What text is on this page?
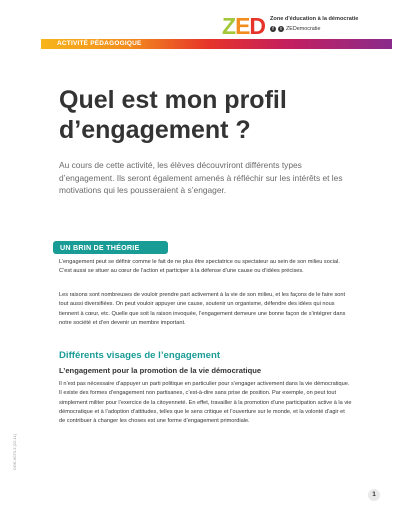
ZED Zone d'éducation à la démocratie
f	t ZEDemocratie
ACTIVITÉ PÉDAGOGIQUE
Quel est mon profil d’engagement ?

Au cours de cette activité, les élèves découvriront différents types d’engagement. Ils seront également amenés à réfléchir sur les intérêts et les motivations qui les pousseraient à s’engager.

UN BRIN DE THÉORIE

L’engagement peut se définir comme le fait de ne plus être spectatrice ou spectateur au sein de son milieu social. C’est aussi se situer au cœur de l’action et participer à la défense d’une cause ou d’idées précises.

Les raisons sont nombreuses de vouloir prendre part activement à la vie de son milieu, et les façons de le faire sont tout aussi diversifiées. On peut vouloir appuyer une cause, soutenir un organisme, défendre des idées qui nous tiennent à cœur, etc. Quelle que soit la raison invoquée, l’engagement demeure une bonne façon de s’intégrer dans notre société et d’en devenir un membre important.

Différents visages de l’engagement
L’engagement pour la promotion de la vie démocratique

Il n’est pas nécessaire d’appuyer un parti politique en particulier pour s’engager activement dans la vie démocratique. Il existe des formes d’engagement non partisanes, c’est-à-dire sans prise de position. Par exemple, on peut tout simplement militer pour l’exercice de la citoyenneté. En effet, travailler à la promotion d’une participation active à la vie démocratique et à l’adoption d’attitudes, telles que le sens critique et l’ouverture sur le monde, et la volonté d’agir et de contribuer à changer les choses est une forme d’engagement primordiale.

DGE-6073-3 (22-11)
1
